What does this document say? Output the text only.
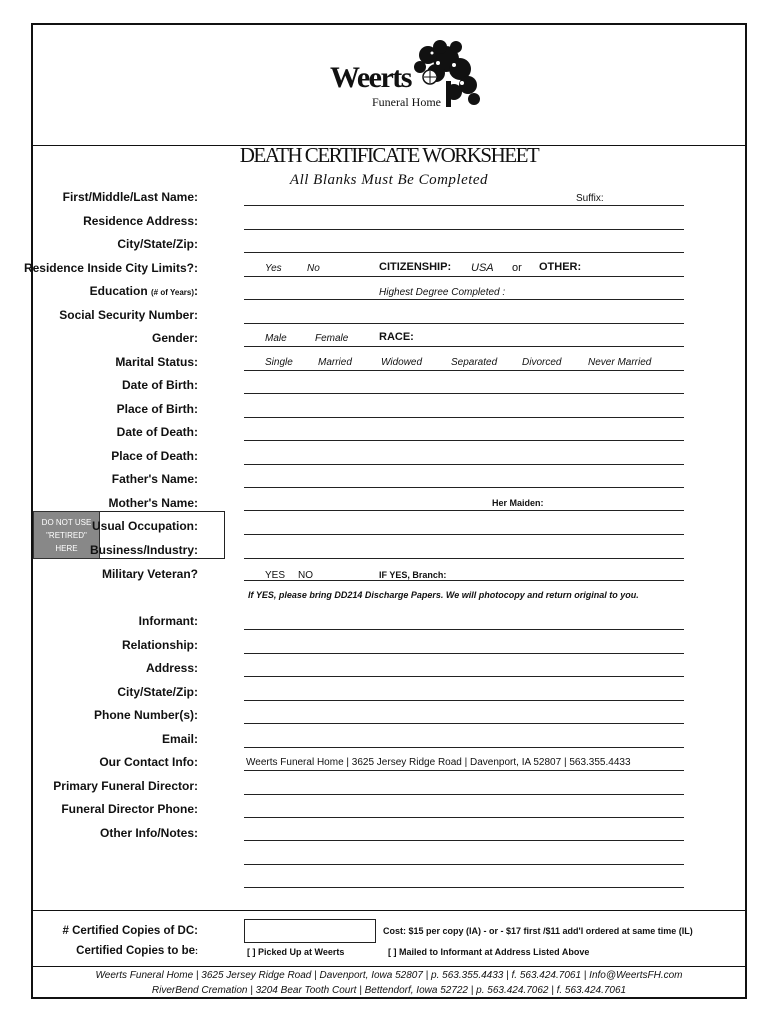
Weerts
Funeral Home
DEATH CERTIFICATE WORKSHEET
All Blanks Must Be Completed
First/Middle/Last Name:	Suffix:
Residence Address:
City/State/Zip:
Residence Inside City Limits?:	Yes	No	CITIZENSHIP: USA or OTHER:
Education (# of Years):	Highest Degree Completed :
Social Security Number:
Gender:	Male	Female	RACE:
Marital Status:	Single	Married	Widowed	Separated Divorced	Never Married
Date of Birth:
Place of Birth:
Date of Death:
Place of Death:
Father's Name:
Mother's Name:	Her Maiden:
DO NOT USE
"RETIRED"
HERE
Usual Occupation:
Business/Industry:
Military Veteran?	YES NO	IF YES, Branch:
If YES, please bring DD214 Discharge Papers. We will photocopy and return original to you.
Informant:
Relationship:
Address:
City/State/Zip:
Phone Number(s):
Email:
Our Contact Info:	Weerts Funeral Home | 3625 Jersey Ridge Road | Davenport, IA 52807 | 563.355.4433
Primary Funeral Director:
Funeral Director Phone:
Other Info/Notes:
# Certified Copies of DC:	Cost: $15 per copy (IA) - or - $17 first /$11 add'l ordered at same time (IL)
Certified Copies to be:	[ ] Picked Up at Weerts	[ ] Mailed to Informant at Address Listed Above
Weerts Funeral Home | 3625 Jersey Ridge Road | Davenport, Iowa 52807 | p. 563.355.4433 | f. 563.424.7061 | Info@WeertsFH.com
RiverBend Cremation | 3204 Bear Tooth Court | Bettendorf, Iowa 52722 | p. 563.424.7062 | f. 563.424.7061
